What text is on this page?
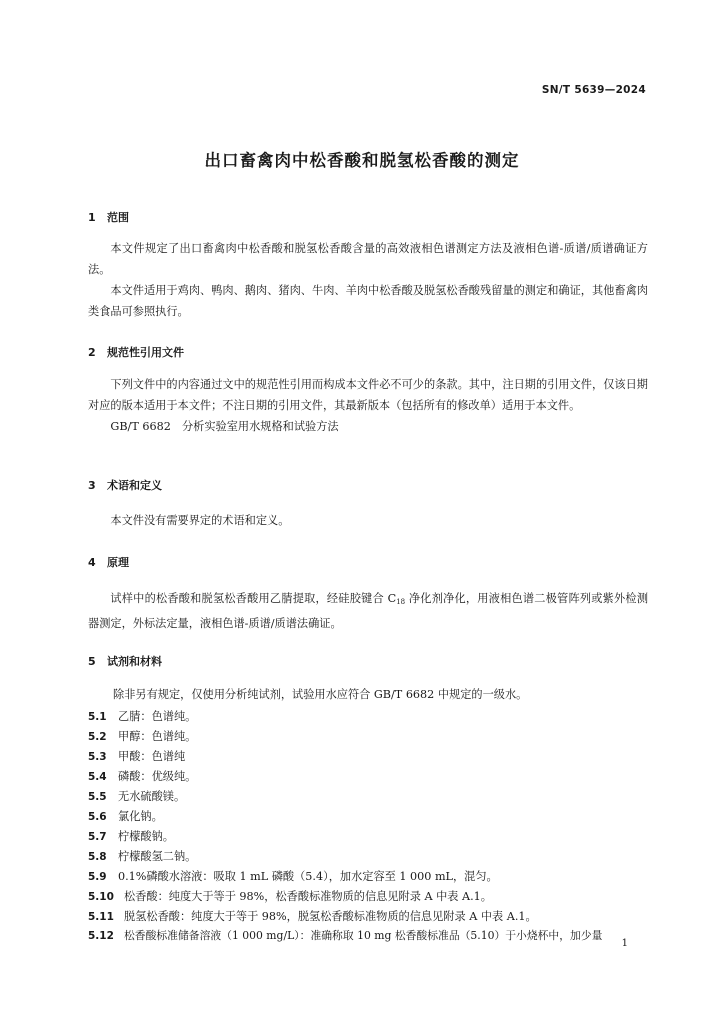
SN/T 5639—2024
出口畜禽肉中松香酸和脱氢松香酸的测定
1 范围

本文件规定了出口畜禽肉中松香酸和脱氢松香酸含量的高效液相色谱测定方法及液相色谱-质谱/质谱确证方法。

本文件适用于鸡肉、鸭肉、鹅肉、猪肉、牛肉、羊肉中松香酸及脱氢松香酸残留量的测定和确证，其他畜禽肉类食品可参照执行。

2 规范性引用文件

下列文件中的内容通过文中的规范性引用而构成本文件必不可少的条款。其中，注日期的引用文件，仅该日期对应的版本适用于本文件；不注日期的引用文件，其最新版本（包括所有的修改单）适用于本文件。

GB/T 6682　分析实验室用水规格和试验方法

3 术语和定义

本文件没有需要界定的术语和定义。

4 原理

试样中的松香酸和脱氢松香酸用乙腈提取，经硅胶键合 $C_{18}$ 净化剂净化，用液相色谱二极管阵列或紫外检测器测定，外标法定量，液相色谱-质谱/质谱法确证。

5 试剂和材料
除非另有规定，仅使用分析纯试剂，试验用水应符合 GB/T 6682 中规定的一级水。
5.1 乙腈：色谱纯。
5.2 甲醇：色谱纯。
5.3 甲酸：色谱纯
5.4 磷酸：优级纯。
5.5 无水硫酸镁。
5.6 氯化钠。
5.7 柠檬酸钠。
5.8 柠檬酸氢二钠。
5.9 0.1%磷酸水溶液：吸取 1 mL 磷酸（5.4），加水定容至 1 000 mL，混匀。
5.10 松香酸：纯度大于等于 98%，松香酸标准物质的信息见附录 A 中表 A.1。
5.11 脱氢松香酸：纯度大于等于 98%，脱氢松香酸标准物质的信息见附录 A 中表 A.1。
5.12 松香酸标准储备溶液（1 000 mg/L）：准确称取 10 mg 松香酸标准品（5.10）于小烧杯中，加少量
1
